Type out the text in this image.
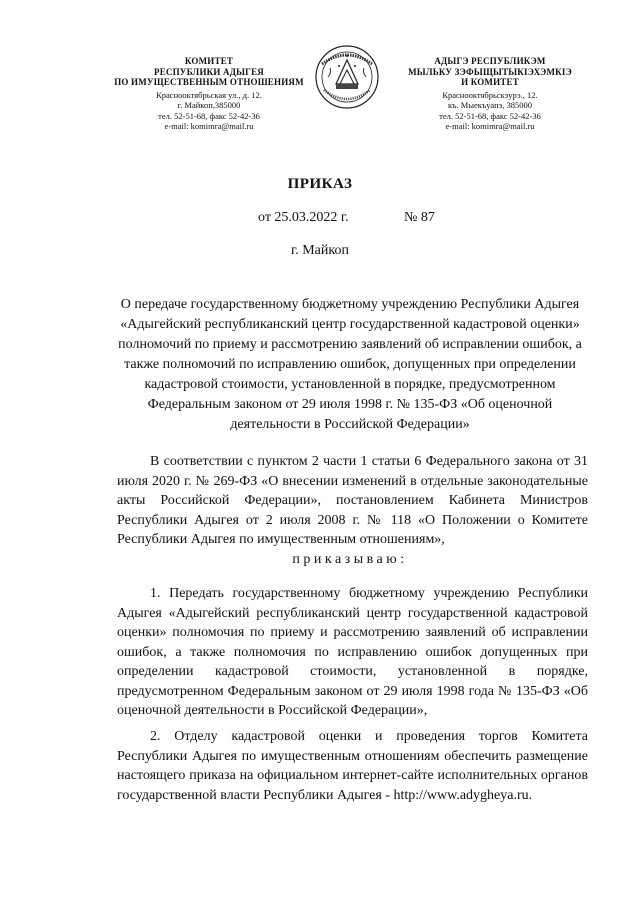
КОМИТЕТ
РЕСПУБЛИКИ АДЫГЕЯ
ПО ИМУЩЕСТВЕННЫМ ОТНОШЕНИЯМ
Краснооктябрьская ул., д. 12.
г. Майкоп,385000
тел. 52-51-68, факс 52-42-36
e-mail: komimra@mail.ru
АДЫГЭ РЕСПУБЛИКЭМ
МЫЛЬКУ ЗЭФЫЩЫТЫКIЭХЭМКIЭ
И КОМИТЕТ
Краснооктябрьскэурэ., 12.
къ. Мыекъуапэ, 385000
тел. 52-51-68, факс 52-42-36
e-mail: komimra@mail.ru
ПРИКАЗ
от 25.03.2022 г.	№ 87
г. Майкоп
О передаче государственному бюджетному учреждению Республики Адыгея «Адыгейский республиканский центр государственной кадастровой оценки» полномочий по приему и рассмотрению заявлений об исправлении ошибок, а также полномочий по исправлению ошибок, допущенных при определении кадастровой стоимости, установленной в порядке, предусмотренном Федеральным законом от 29 июля 1998 г. № 135-ФЗ «Об оценочной деятельности в Российской Федерации»
В соответствии с пунктом 2 части 1 статьи 6 Федерального закона от 31 июля 2020 г. № 269-ФЗ «О внесении изменений в отдельные законодательные акты Российской Федерации», постановлением Кабинета Министров Республики Адыгея от 2 июля 2008 г. № 118 «О Положении о Комитете Республики Адыгея по имущественным отношениям»,
приказываю:
1. Передать государственному бюджетному учреждению Республики Адыгея «Адыгейский республиканский центр государственной кадастровой оценки» полномочия по приему и рассмотрению заявлений об исправлении ошибок, а также полномочия по исправлению ошибок допущенных при определении кадастровой стоимости, установленной в порядке, предусмотренном Федеральным законом от 29 июля 1998 года № 135-ФЗ «Об оценочной деятельности в Российской Федерации»,
2. Отделу кадастровой оценки и проведения торгов Комитета Республики Адыгея по имущественным отношениям обеспечить размещение настоящего приказа на официальном интернет-сайте исполнительных органов государственной власти Республики Адыгея - http://www.adygheya.ru.
